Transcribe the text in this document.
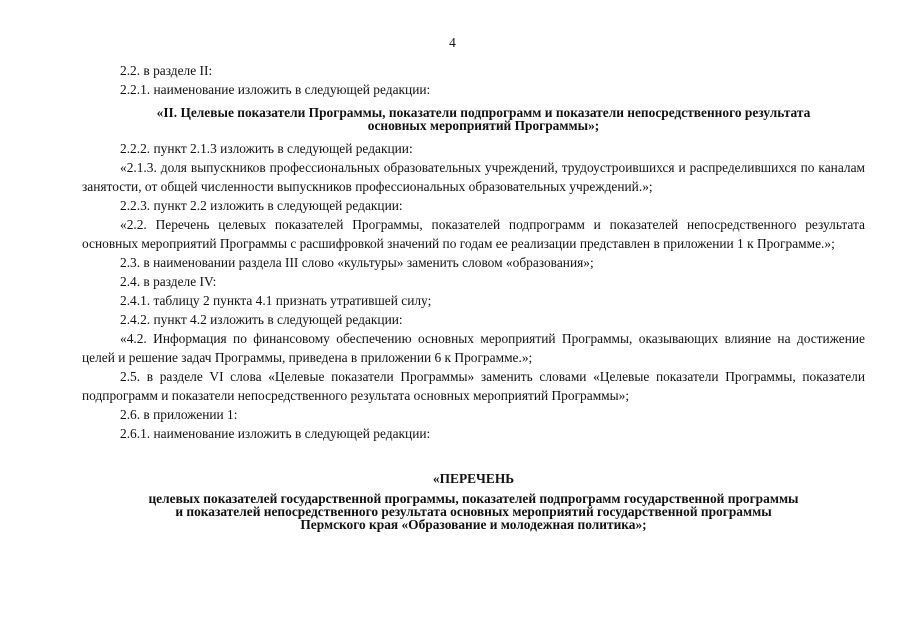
4

2.2. в разделе II:

2.2.1. наименование изложить в следующей редакции:

«II. Целевые показатели Программы, показатели подпрограмм и показатели непосредственного результата
основных мероприятий Программы»;

2.2.2. пункт 2.1.3 изложить в следующей редакции:

«2.1.3. доля выпускников профессиональных образовательных учреждений, трудоустроившихся и распределившихся по каналам занятости, от общей численности выпускников профессиональных образовательных учреждений.»;

2.2.3. пункт 2.2 изложить в следующей редакции:

«2.2. Перечень целевых показателей Программы, показателей подпрограмм и показателей непосредственного результата основных мероприятий Программы с расшифровкой значений по годам ее реализации представлен в приложении 1 к Программе.»;

2.3. в наименовании раздела III слово «культуры» заменить словом «образования»;

2.4. в разделе IV:

2.4.1. таблицу 2 пункта 4.1 признать утратившей силу;

2.4.2. пункт 4.2 изложить в следующей редакции:

«4.2. Информация по финансовому обеспечению основных мероприятий Программы, оказывающих влияние на достижение целей и решение задач Программы, приведена в приложении 6 к Программе.»;

2.5. в разделе VI слова «Целевые показатели Программы» заменить словами «Целевые показатели Программы, показатели подпрограмм и показатели непосредственного результата основных мероприятий Программы»;

2.6. в приложении 1:

2.6.1. наименование изложить в следующей редакции:

«ПЕРЕЧЕНЬ
целевых показателей государственной программы, показателей подпрограмм государственной программы
и показателей непосредственного результата основных мероприятий государственной программы
Пермского края «Образование и молодежная политика»;
